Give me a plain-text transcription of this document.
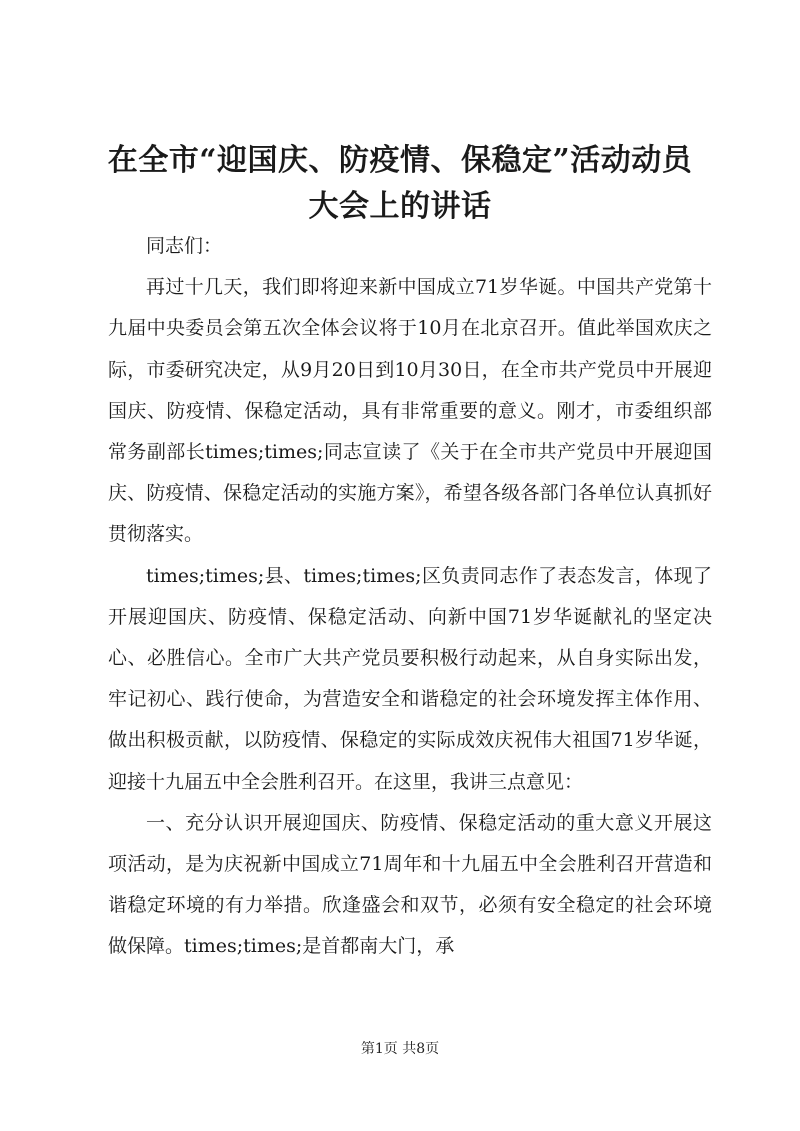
在全市“迎国庆、防疫情、保稳定”活动动员
大会上的讲话

同志们：

再过十几天，我们即将迎来新中国成立71岁华诞。中国共产党第十九届中央委员会第五次全体会议将于10月在北京召开。值此举国欢庆之际，市委研究决定，从9月20日到10月30日，在全市共产党员中开展迎国庆、防疫情、保稳定活动，具有非常重要的意义。刚才，市委组织部常务副部长times;times;同志宣读了《关于在全市共产党员中开展迎国庆、防疫情、保稳定活动的实施方案》，希望各级各部门各单位认真抓好贯彻落实。

times;times;县、times;times;区负责同志作了表态发言，体现了开展迎国庆、防疫情、保稳定活动、向新中国71岁华诞献礼的坚定决心、必胜信心。全市广大共产党员要积极行动起来，从自身实际出发，牢记初心、践行使命，为营造安全和谐稳定的社会环境发挥主体作用、做出积极贡献，以防疫情、保稳定的实际成效庆祝伟大祖国71岁华诞，迎接十九届五中全会胜利召开。在这里，我讲三点意见：

一、充分认识开展迎国庆、防疫情、保稳定活动的重大意义开展这项活动，是为庆祝新中国成立71周年和十九届五中全会胜利召开营造和谐稳定环境的有力举措。欣逢盛会和双节，必须有安全稳定的社会环境做保障。times;times;是首都南大门，承

第1页 共8页
